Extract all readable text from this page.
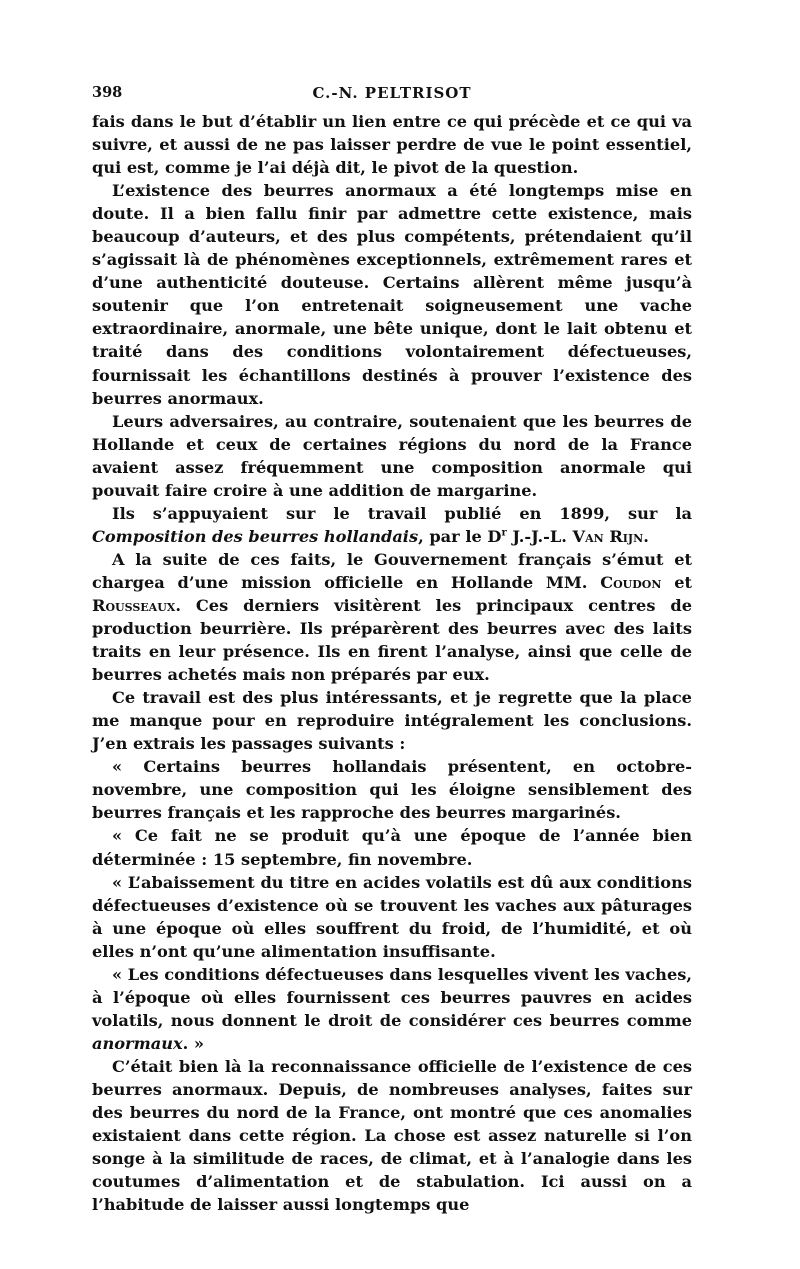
398	C.-N. PELTRISOT

fais dans le but d’établir un lien entre ce qui précède et ce qui va suivre, et aussi de ne pas laisser perdre de vue le point essentiel, qui est, comme je l’ai déjà dit, le pivot de la question.

L’existence des beurres anormaux a été longtemps mise en doute. Il a bien fallu finir par admettre cette existence, mais beaucoup d’auteurs, et des plus compétents, prétendaient qu’il s’agissait là de phénomènes exceptionnels, extrêmement rares et d’une authenticité douteuse. Certains allèrent même jusqu’à soutenir que l’on entretenait soigneusement une vache extraordinaire, anormale, une bête unique, dont le lait obtenu et traité dans des conditions volontairement défectueuses, fournissait les échantillons destinés à prouver l’existence des beurres anormaux.

Leurs adversaires, au contraire, soutenaient que les beurres de Hollande et ceux de certaines régions du nord de la France avaient assez fréquemment une composition anormale qui pouvait faire croire à une addition de margarine.

Ils s’appuyaient sur le travail publié en 1899, sur la Composition des beurres hollandais, par le $D^r$ J.-J.-L. Van Rijn.

A la suite de ces faits, le Gouvernement français s’émut et chargea d’une mission officielle en Hollande MM. Coudon et Rousseaux. Ces derniers visitèrent les principaux centres de production beurrière. Ils préparèrent des beurres avec des laits traits en leur présence. Ils en firent l’analyse, ainsi que celle de beurres achetés mais non préparés par eux.

Ce travail est des plus intéressants, et je regrette que la place me manque pour en reproduire intégralement les conclusions. J’en extrais les passages suivants :

« Certains beurres hollandais présentent, en octobre-novembre, une composition qui les éloigne sensiblement des beurres français et les rapproche des beurres margarinés.

« Ce fait ne se produit qu’à une époque de l’année bien déterminée : 15 septembre, fin novembre.

« L’abaissement du titre en acides volatils est dû aux conditions défectueuses d’existence où se trouvent les vaches aux pâturages à une époque où elles souffrent du froid, de l’humidité, et où elles n’ont qu’une alimentation insuffisante.

« Les conditions défectueuses dans lesquelles vivent les vaches, à l’époque où elles fournissent ces beurres pauvres en acides volatils, nous donnent le droit de considérer ces beurres comme anormaux. »

C’était bien là la reconnaissance officielle de l’existence de ces beurres anormaux. Depuis, de nombreuses analyses, faites sur des beurres du nord de la France, ont montré que ces anomalies existaient dans cette région. La chose est assez naturelle si l’on songe à la similitude de races, de climat, et à l’analogie dans les coutumes d’alimentation et de stabulation. Ici aussi on a l’habitude de laisser aussi longtemps que
